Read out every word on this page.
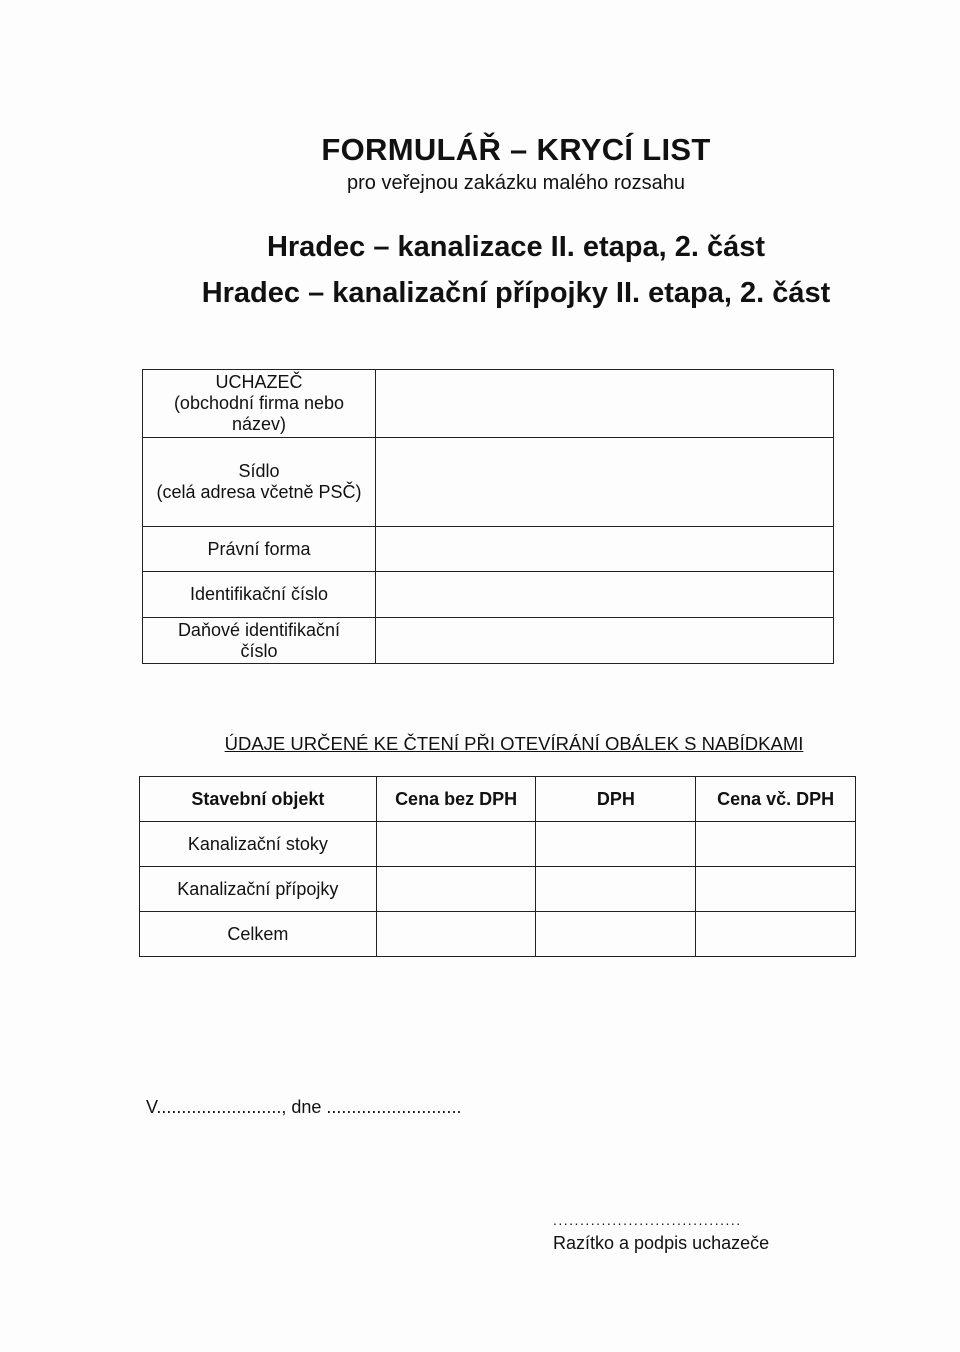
FORMULÁŘ – KRYCÍ LIST
pro veřejnou zakázku malého rozsahu
Hradec – kanalizace II. etapa, 2. část
Hradec – kanalizační přípojky II. etapa, 2. část
UCHAZEČ
(obchodní firma nebo
název)	

Sídlo
(celá adresa včetně PSČ)	

Právní forma	

Identifikační číslo	

Daňové identifikační
číslo	

ÚDAJE URČENÉ KE ČTENÍ PŘI OTEVÍRÁNÍ OBÁLEK S NABÍDKAMI
Stavební objekt	Cena bez DPH	DPH	Cena vč. DPH
Kanalizační stoky			
Kanalizační přípojky			
Celkem			
V........................., dne ...........................
...................................
Razítko a podpis uchazeče
